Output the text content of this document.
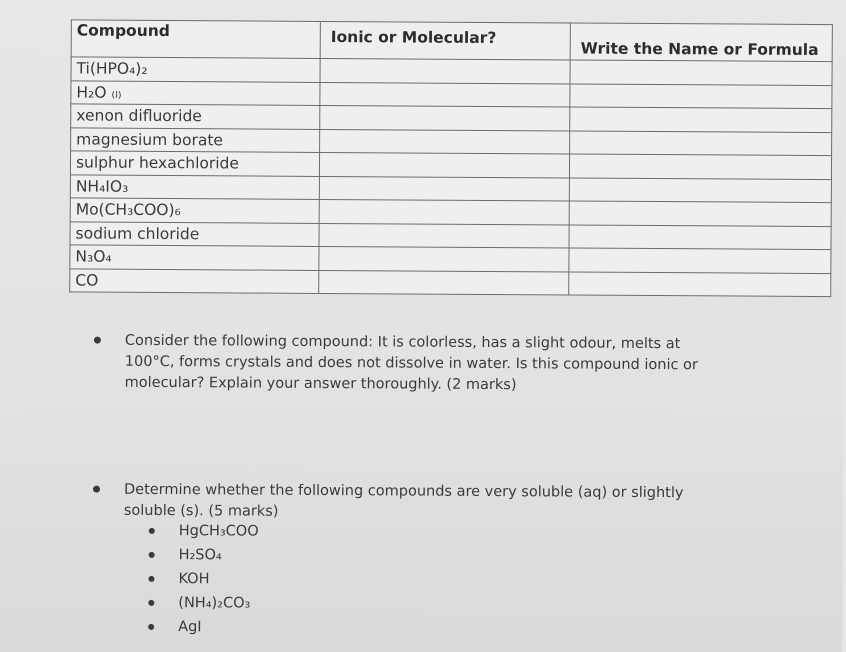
Compound	Ionic or Molecular?	Write the Name or Formula
Ti(HPO₄)₂		
H₂O ₍ₗ₎		
xenon difluoride		
magnesium borate		
sulphur hexachloride		
NH₄IO₃		
Mo(CH₃COO)₆		
sodium chloride		
N₃O₄		
CO		
Consider the following compound: It is colorless, has a slight odour, melts at 100°C, forms crystals and does not dissolve in water. Is this compound ionic or molecular? Explain your answer thoroughly. (2 marks)
Determine whether the following compounds are very soluble (aq) or slightly soluble (s). (5 marks)
HgCH₃COO
H₂SO₄
KOH
(NH₄)₂CO₃
AgI
